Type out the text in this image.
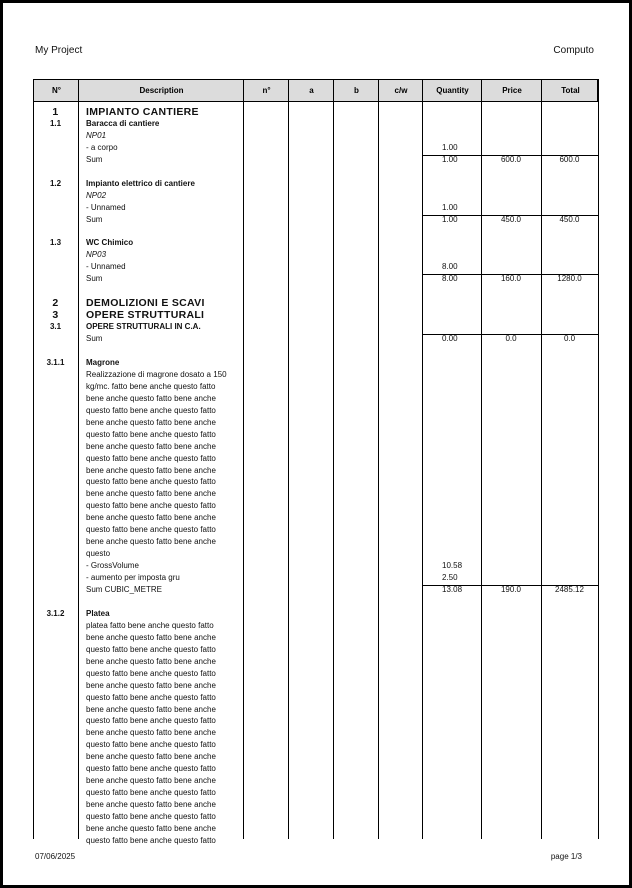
My Project	Computo
N°	Description	n°	a	b	c/w	Quantity	Price	Total
1	IMPIANTO CANTIERE
1.1	Baracca di cantiere
NP01
- a corpo	1.00
Sum	1.00	600.0	600.0
1.2	Impianto elettrico di cantiere
NP02
- Unnamed	1.00
Sum	1.00	450.0	450.0
1.3	WC Chimico
NP03
- Unnamed	8.00
Sum	8.00	160.0	1280.0
2	DEMOLIZIONI E SCAVI
3	OPERE STRUTTURALI
3.1	OPERE STRUTTURALI IN C.A.
Sum	0.00	0.0	0.0
3.1.1	Magrone
Realizzazione di magrone dosato a 150
kg/mc. fatto bene anche questo fatto
bene anche questo fatto bene anche
questo fatto bene anche questo fatto
bene anche questo fatto bene anche
questo fatto bene anche questo fatto
bene anche questo fatto bene anche
questo fatto bene anche questo fatto
bene anche questo fatto bene anche
questo fatto bene anche questo fatto
bene anche questo fatto bene anche
questo fatto bene anche questo fatto
bene anche questo fatto bene anche
questo fatto bene anche questo fatto
bene anche questo fatto bene anche
questo
- GrossVolume	10.58
- aumento per imposta gru	2.50
Sum CUBIC_METRE	13.08	190.0	2485.12
3.1.2	Platea
platea fatto bene anche questo fatto
bene anche questo fatto bene anche
questo fatto bene anche questo fatto
bene anche questo fatto bene anche
questo fatto bene anche questo fatto
bene anche questo fatto bene anche
questo fatto bene anche questo fatto
bene anche questo fatto bene anche
questo fatto bene anche questo fatto
bene anche questo fatto bene anche
questo fatto bene anche questo fatto
bene anche questo fatto bene anche
questo fatto bene anche questo fatto
bene anche questo fatto bene anche
questo fatto bene anche questo fatto
bene anche questo fatto bene anche
questo fatto bene anche questo fatto
bene anche questo fatto bene anche
questo fatto bene anche questo fatto
07/06/2025	page 1/3
